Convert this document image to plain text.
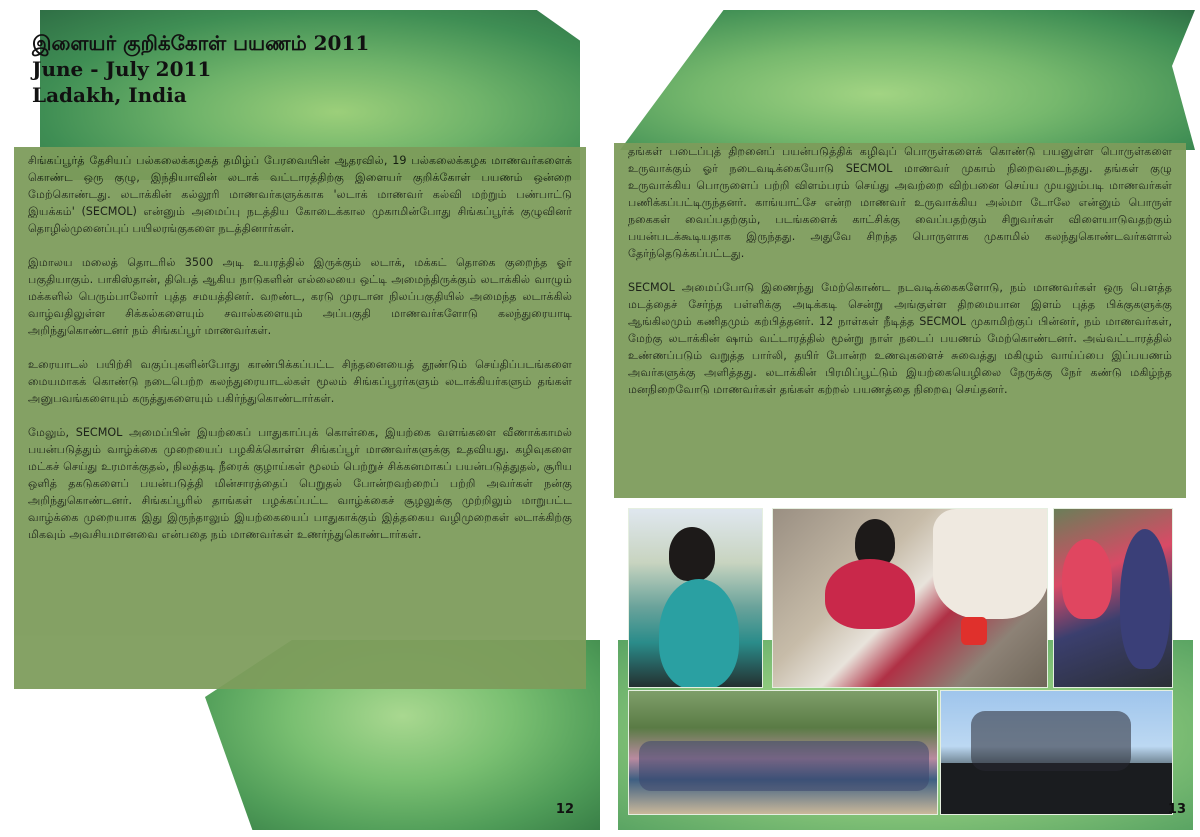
இளையர் குறிக்கோள் பயணம் 2011
June - July 2011
Ladakh, India

சிங்கப்பூர்த் தேசியப் பல்கலைக்கழகத் தமிழ்ப் பேரவையின் ஆதரவில், 19 பல்கலைக்கழக மாணவர்களைக் கொண்ட ஒரு குழு, இந்தியாவின் லடாக் வட்டாரத்திற்கு இளையர் குறிக்கோள் பயணம் ஒன்றை மேற்கொண்டது. லடாக்கின் கல்லூரி மாணவர்களுக்காக 'லடாக் மாணவர் கல்வி மற்றும் பண்பாட்டு இயக்கம்' (SECMOL) என்னும் அமைப்பு நடத்திய கோடைக்கால முகாமின்போது சிங்கப்பூர்க் குழுவினர் தொழில்முனைப்புப் பயிலரங்குகளை நடத்தினார்கள்.

இமாலய மலைத் தொடரில் 3500 அடி உயரத்தில் இருக்கும் லடாக், மக்கட் தொகை குறைந்த ஓர் பகுதியாகும். பாகிஸ்தான், திபெத் ஆகிய நாடுகளின் எல்லையை ஒட்டி அமைந்திருக்கும் லடாக்கில் வாழும் மக்களில் பெரும்பாலோர் புத்த சமயத்தினர். வறண்ட, கரடு முரடான நிலப்பகுதியில் அமைந்த லடாக்கில் வாழ்வதிலுள்ள சிக்கல்களையும் சவால்களையும் அப்பகுதி மாணவர்களோடு கலந்துரையாடி அறிந்துகொண்டனர் நம் சிங்கப்பூர் மாணவர்கள்.

உரையாடல் பயிற்சி வகுப்புகளின்போது காண்பிக்கப்பட்ட சிந்தனையைத் தூண்டும் செய்திப்படங்களை மையமாகக் கொண்டு நடைபெற்ற கலந்துரையாடல்கள் மூலம் சிங்கப்பூரர்களும் லடாக்கியர்களும் தங்கள் அனுபவங்களையும் கருத்துகளையும் பகிர்ந்துகொண்டார்கள்.

மேலும், SECMOL அமைப்பின் இயற்கைப் பாதுகாப்புக் கொள்கை, இயற்கை வளங்களை வீணாக்காமல் பயன்படுத்தும் வாழ்க்கை முறையைப் பழகிக்கொள்ள சிங்கப்பூர் மாணவர்களுக்கு உதவியது. கழிவுகளை மட்கச் செய்து உரமாக்குதல், நிலத்தடி நீரைக் குழாய்கள் மூலம் பெற்றுச் சிக்கனமாகப் பயன்படுத்துதல், சூரிய ஒளித் தகடுகளைப் பயன்படுத்தி மின்சாரத்தைப் பெறுதல் போன்றவற்றைப் பற்றி அவர்கள் நன்கு அறிந்துகொண்டனர். சிங்கப்பூரில் தாங்கள் பழக்கப்பட்ட வாழ்க்கைச் சூழலுக்கு முற்றிலும் மாறுபட்ட வாழ்க்கை முறையாக இது இருந்தாலும் இயற்கையைப் பாதுகாக்கும் இத்தகைய வழிமுறைகள் லடாக்கிற்கு மிகவும் அவசியமானவை என்பதை நம் மாணவர்கள் உணர்ந்துகொண்டார்கள்.

12

தங்கள் படைப்புத் திறனைப் பயன்படுத்திக் கழிவுப் பொருள்களைக் கொண்டு பயனுள்ள பொருள்களை உருவாக்கும் ஓர் நடைவடிக்கையோடு SECMOL மாணவர் முகாம் நிறைவடைந்தது. தங்கள் குழு உருவாக்கிய பொருளைப் பற்றி விளம்பரம் செய்து அவற்றை விற்பனை செய்ய முயலும்படி மாணவர்கள் பணிக்கப்பட்டிருந்தனர். காங்யாட்சே என்ற மாணவர் உருவாக்கிய அல்மா டோலே என்னும் பொருள் நகைகள் வைப்பதற்கும், படங்களைக் காட்சிக்கு வைப்பதற்கும் சிறுவர்கள் விளையாடுவதற்கும் பயன்படக்கூடியதாக இருந்தது. அதுவே சிறந்த பொருளாக முகாமில் கலந்துகொண்டவர்களால் தேர்ந்தெடுக்கப்பட்டது.

SECMOL அமைப்போடு இணைந்து மேற்கொண்ட நடவடிக்கைகளோடு, நம் மாணவர்கள் ஒரு பௌத்த மடத்தைச் சேர்ந்த பள்ளிக்கு அடிக்கடி சென்று அங்குள்ள திறமையான இளம் புத்த பிக்குகளுக்கு ஆங்கிலமும் கணிதமும் கற்பித்தனர். 12 நாள்கள் நீடித்த SECMOL முகாமிற்குப் பின்னர், நம் மாணவர்கள், மேற்கு லடாக்கின் ஷாம் வட்டாரத்தில் மூன்று நாள் நடைப் பயணம் மேற்கொண்டனர். அவ்வட்டாரத்தில் உண்ணப்படும் வறுத்த பார்லி, தயிர் போன்ற உணவுகளைச் சுவைத்து மகிழும் வாய்ப்பை இப்பயணம் அவர்களுக்கு அளித்தது. லடாக்கின் பிரமிப்பூட்டும் இயற்கையெழிலை நேருக்கு நேர் கண்டு மகிழ்ந்த மனநிறைவோடு மாணவர்கள் தங்கள் கற்றல் பயணத்தை நிறைவு செய்தனர்.

13
